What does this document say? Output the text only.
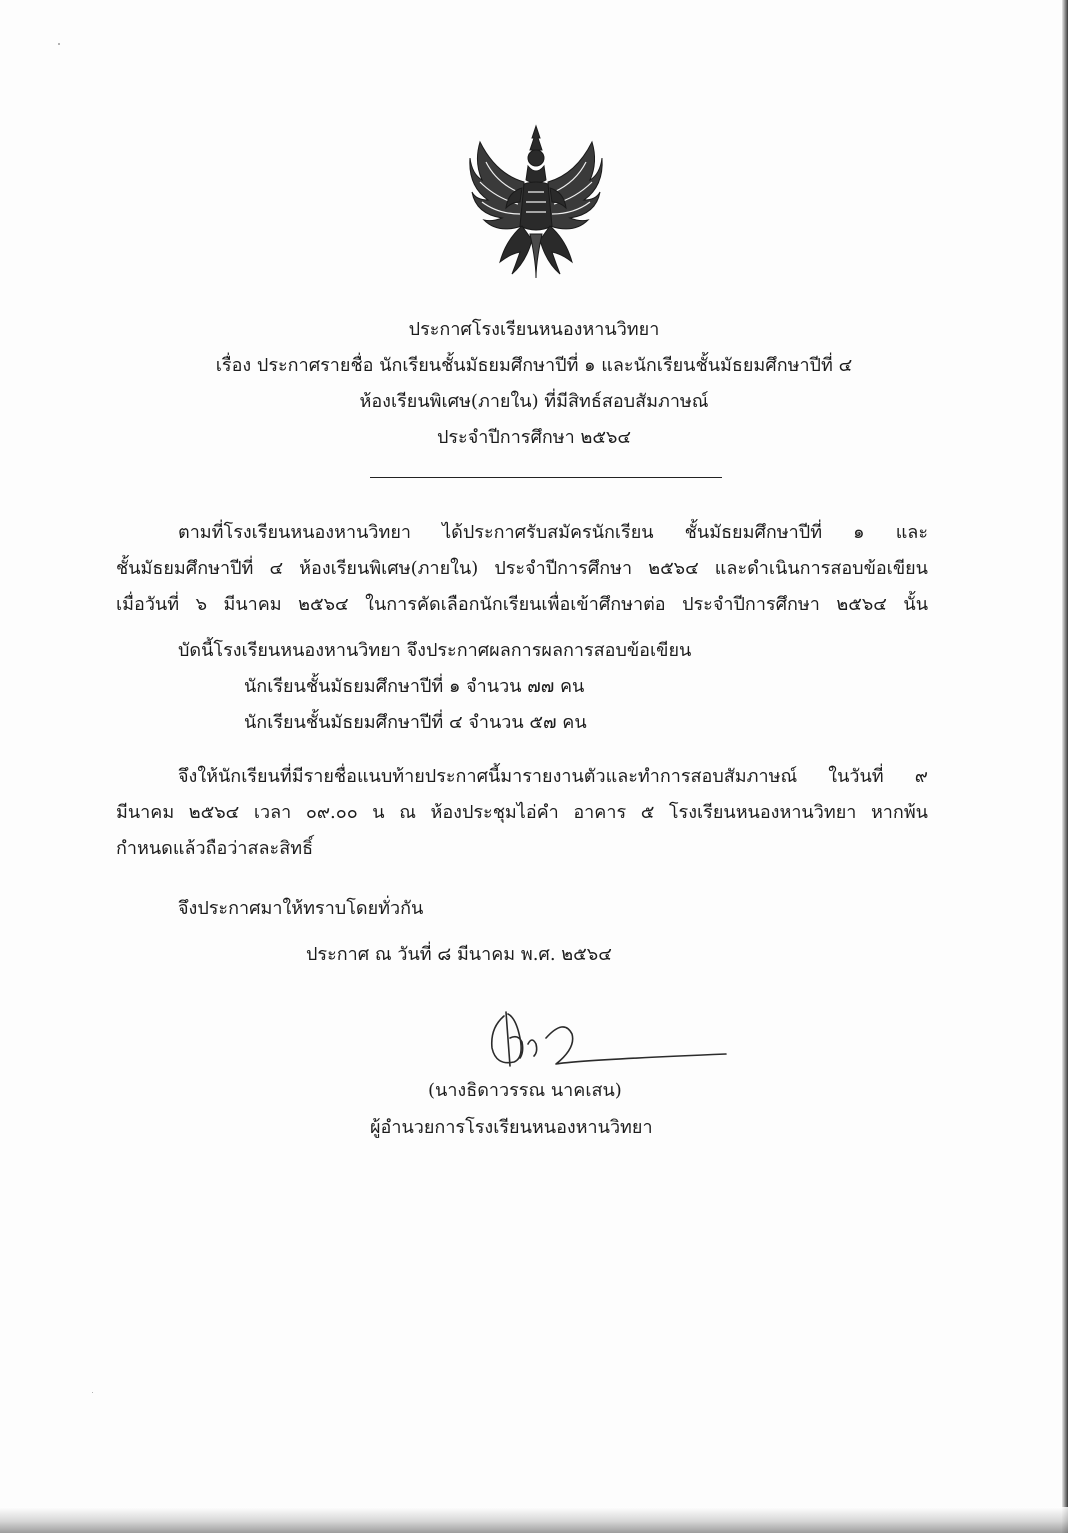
ประกาศโรงเรียนหนองหานวิทยา
เรื่อง ประกาศรายชื่อ นักเรียนชั้นมัธยมศึกษาปีที่ ๑ และนักเรียนชั้นมัธยมศึกษาปีที่ ๔
ห้องเรียนพิเศษ(ภายใน) ที่มีสิทธ์สอบสัมภาษณ์
ประจำปีการศึกษา ๒๕๖๔
ตามที่โรงเรียนหนองหานวิทยา ได้ประกาศรับสมัครนักเรียน ชั้นมัธยมศึกษาปีที่ ๑ และ
ชั้นมัธยมศึกษาปีที่ ๔ ห้องเรียนพิเศษ(ภายใน) ประจำปีการศึกษา ๒๕๖๔ และดำเนินการสอบข้อเขียน
เมื่อวันที่ ๖ มีนาคม ๒๕๖๔ ในการคัดเลือกนักเรียนเพื่อเข้าศึกษาต่อ ประจำปีการศึกษา ๒๕๖๔ นั้น
บัดนี้โรงเรียนหนองหานวิทยา จึงประกาศผลการผลการสอบข้อเขียน
นักเรียนชั้นมัธยมศึกษาปีที่ ๑ จำนวน ๗๗ คน
นักเรียนชั้นมัธยมศึกษาปีที่ ๔ จำนวน ๕๗ คน
จึงให้นักเรียนที่มีรายชื่อแนบท้ายประกาศนี้มารายงานตัวและทำการสอบสัมภาษณ์ ในวันที่ ๙
มีนาคม ๒๕๖๔ เวลา ๐๙.๐๐ น ณ ห้องประชุมไอ่คำ อาคาร ๕ โรงเรียนหนองหานวิทยา หากพ้น
กำหนดแล้วถือว่าสละสิทธิ์
จึงประกาศมาให้ทราบโดยทั่วกัน
ประกาศ ณ วันที่ ๘ มีนาคม พ.ศ. ๒๕๖๔
(นางธิดาวรรณ นาคเสน)
ผู้อำนวยการโรงเรียนหนองหานวิทยา
